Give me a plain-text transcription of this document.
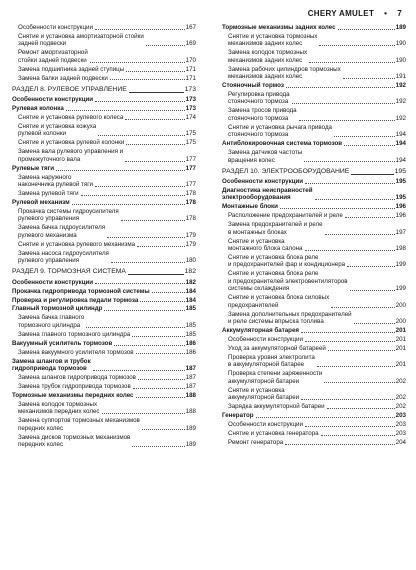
CHERY AMULET • 7
Особенности конструкции	167
Снятие и установка амортизаторной стойки
задней подвески	169
Ремонт амортизаторной
стойки задней подвески	170
Замена подшипника задней ступицы	171
Замена балки задней подвески	171
РАЗДЕЛ 8. РУЛЕВОЕ УПРАВЛЕНИЕ	173
Особенности конструкции	173
Рулевая колонка	173
Снятие и установка рулевого колеса	174
Снятие и установка кожуха
рулевой колонки	175
Снятие и установка рулевой колонки	175
Замена вала рулевого управления и
промежуточного вала	177
Рулевые тяги	177
Замена наружного
наконечника рулевой тяги	177
Замена рулевой тяги	178
Рулевой механизм	178
Прокачка системы гидроусилителя
рулевого управления	178
Замена бачка гидроусилителя
рулевого механизма	179
Снятие и установка рулевого механизма	179
Замена насоса гидроусилителя
рулевого управления	180
РАЗДЕЛ 9. ТОРМОЗНАЯ СИСТЕМА	182
Особенности конструкции	182
Прокачка гидропривода тормозной системы	184
Проверка и регулировка педали тормоза	184
Главный тормозной цилиндр	185
Замена бачка главного
тормозного цилиндра	185
Замена главного тормозного цилиндра	185
Вакуумный усилитель тормозов	186
Замена вакуумного усилителя тормозов	186
Замена шлангов и трубок
гидропривода тормозов	187
Замена шлангов гидропривода тормозов	187
Замена трубок гидропривода тормозов	187
Тормозные механизмы передних колес	188
Замена колодок тормозных
механизмов передних колес	188
Замена суппортов тормозных механизмов
передних колес	189
Замена дисков тормозных механизмов
передних колес	189
Тормозные механизмы задних колес	189
Снятие и установка тормозных
механизмов задних колес	190
Замена колодок тормозных
механизмов задних колес	190
Замена рабочих цилиндров тормозных
механизмов задних колес	191
Стояночный тормоз	192
Регулировка привода
стояночного тормоза	192
Замена тросов привода
стояночного тормоза	192
Снятие и установка рычага привода
стояночного тормоза	194
Антиблокировочная система тормозов	194
Замена датчиков частоты
вращения колес	194
РАЗДЕЛ 10. ЭЛЕКТРООБОРУДОВАНИЕ	195
Особенности конструкции	195
Диагностика неисправностей
электрооборудования	195
Монтажные блоки	196
Расположение предохранителей и реле	196
Замена предохранителей и реле
в монтажных блоках	197
Снятие и установка
монтажного блока салона	198
Снятие и установка блока реле
и предохранителей фар и кондиционера	199
Снятие и установка блока реле
и предохранителей электровентиляторов
системы охлаждения	199
Снятие и установка блока силовых
предохранителей	200
Замена дополнительных предохранителей
и реле системы впрыска топлива	200
Аккумуляторная батарея	201
Особенности конструкции	201
Уход за аккумуляторной батареей	201
Проверка уровня электролита
в аккумуляторной батарее	201
Проверка степени заряженности
аккумуляторной батареи	202
Снятие и установка
аккумуляторной батареи	202
Зарядка аккумуляторной батареи	202
Генератор	203
Особенности конструкции	203
Снятие и установка генератора	203
Ремонт генератора	204
